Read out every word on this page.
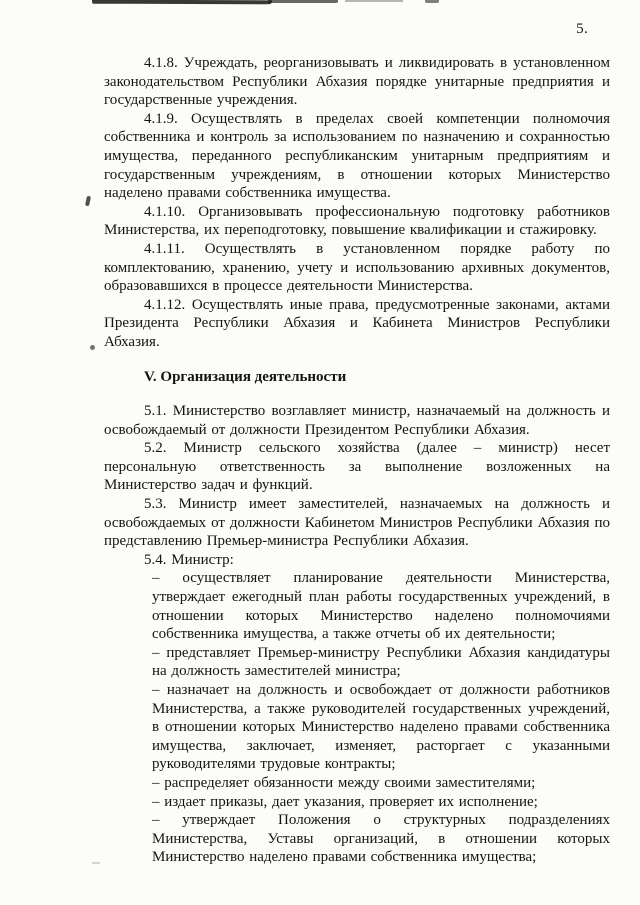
5.

4.1.8. Учреждать, реорганизовывать и ликвидировать в установленном законодательством Республики Абхазия порядке унитарные предприятия и государственные учреждения.

4.1.9. Осуществлять в пределах своей компетенции полномочия собственника и контроль за использованием по назначению и сохранностью имущества, переданного республиканским унитарным предприятиям и государственным учреждениям, в отношении которых Министерство наделено правами собственника имущества.

4.1.10. Организовывать профессиональную подготовку работников Министерства, их переподготовку, повышение квалификации и стажировку.

4.1.11. Осуществлять в установленном порядке работу по комплектованию, хранению, учету и использованию архивных документов, образовавшихся в процессе деятельности Министерства.

4.1.12. Осуществлять иные права, предусмотренные законами, актами Президента Республики Абхазия и Кабинета Министров Республики Абхазия.

V. Организация деятельности

5.1. Министерство возглавляет министр, назначаемый на должность и освобождаемый от должности Президентом Республики Абхазия.

5.2. Министр сельского хозяйства (далее – министр) несет персональную ответственность за выполнение возложенных на Министерство задач и функций.

5.3. Министр имеет заместителей, назначаемых на должность и освобождаемых от должности Кабинетом Министров Республики Абхазия по представлению Премьер-министра Республики Абхазия.

5.4. Министр:

– осуществляет планирование деятельности Министерства, утверждает ежегодный план работы государственных учреждений, в отношении которых Министерство наделено полномочиями собственника имущества, а также отчеты об их деятельности;

– представляет Премьер-министру Республики Абхазия кандидатуры на должность заместителей министра;

– назначает на должность и освобождает от должности работников Министерства, а также руководителей государственных учреждений, в отношении которых Министерство наделено правами собственника имущества, заключает, изменяет, расторгает с указанными руководителями трудовые контракты;

– распределяет обязанности между своими заместителями;

– издает приказы, дает указания, проверяет их исполнение;

– утверждает Положения о структурных подразделениях Министерства, Уставы организаций, в отношении которых Министерство наделено правами собственника имущества;
